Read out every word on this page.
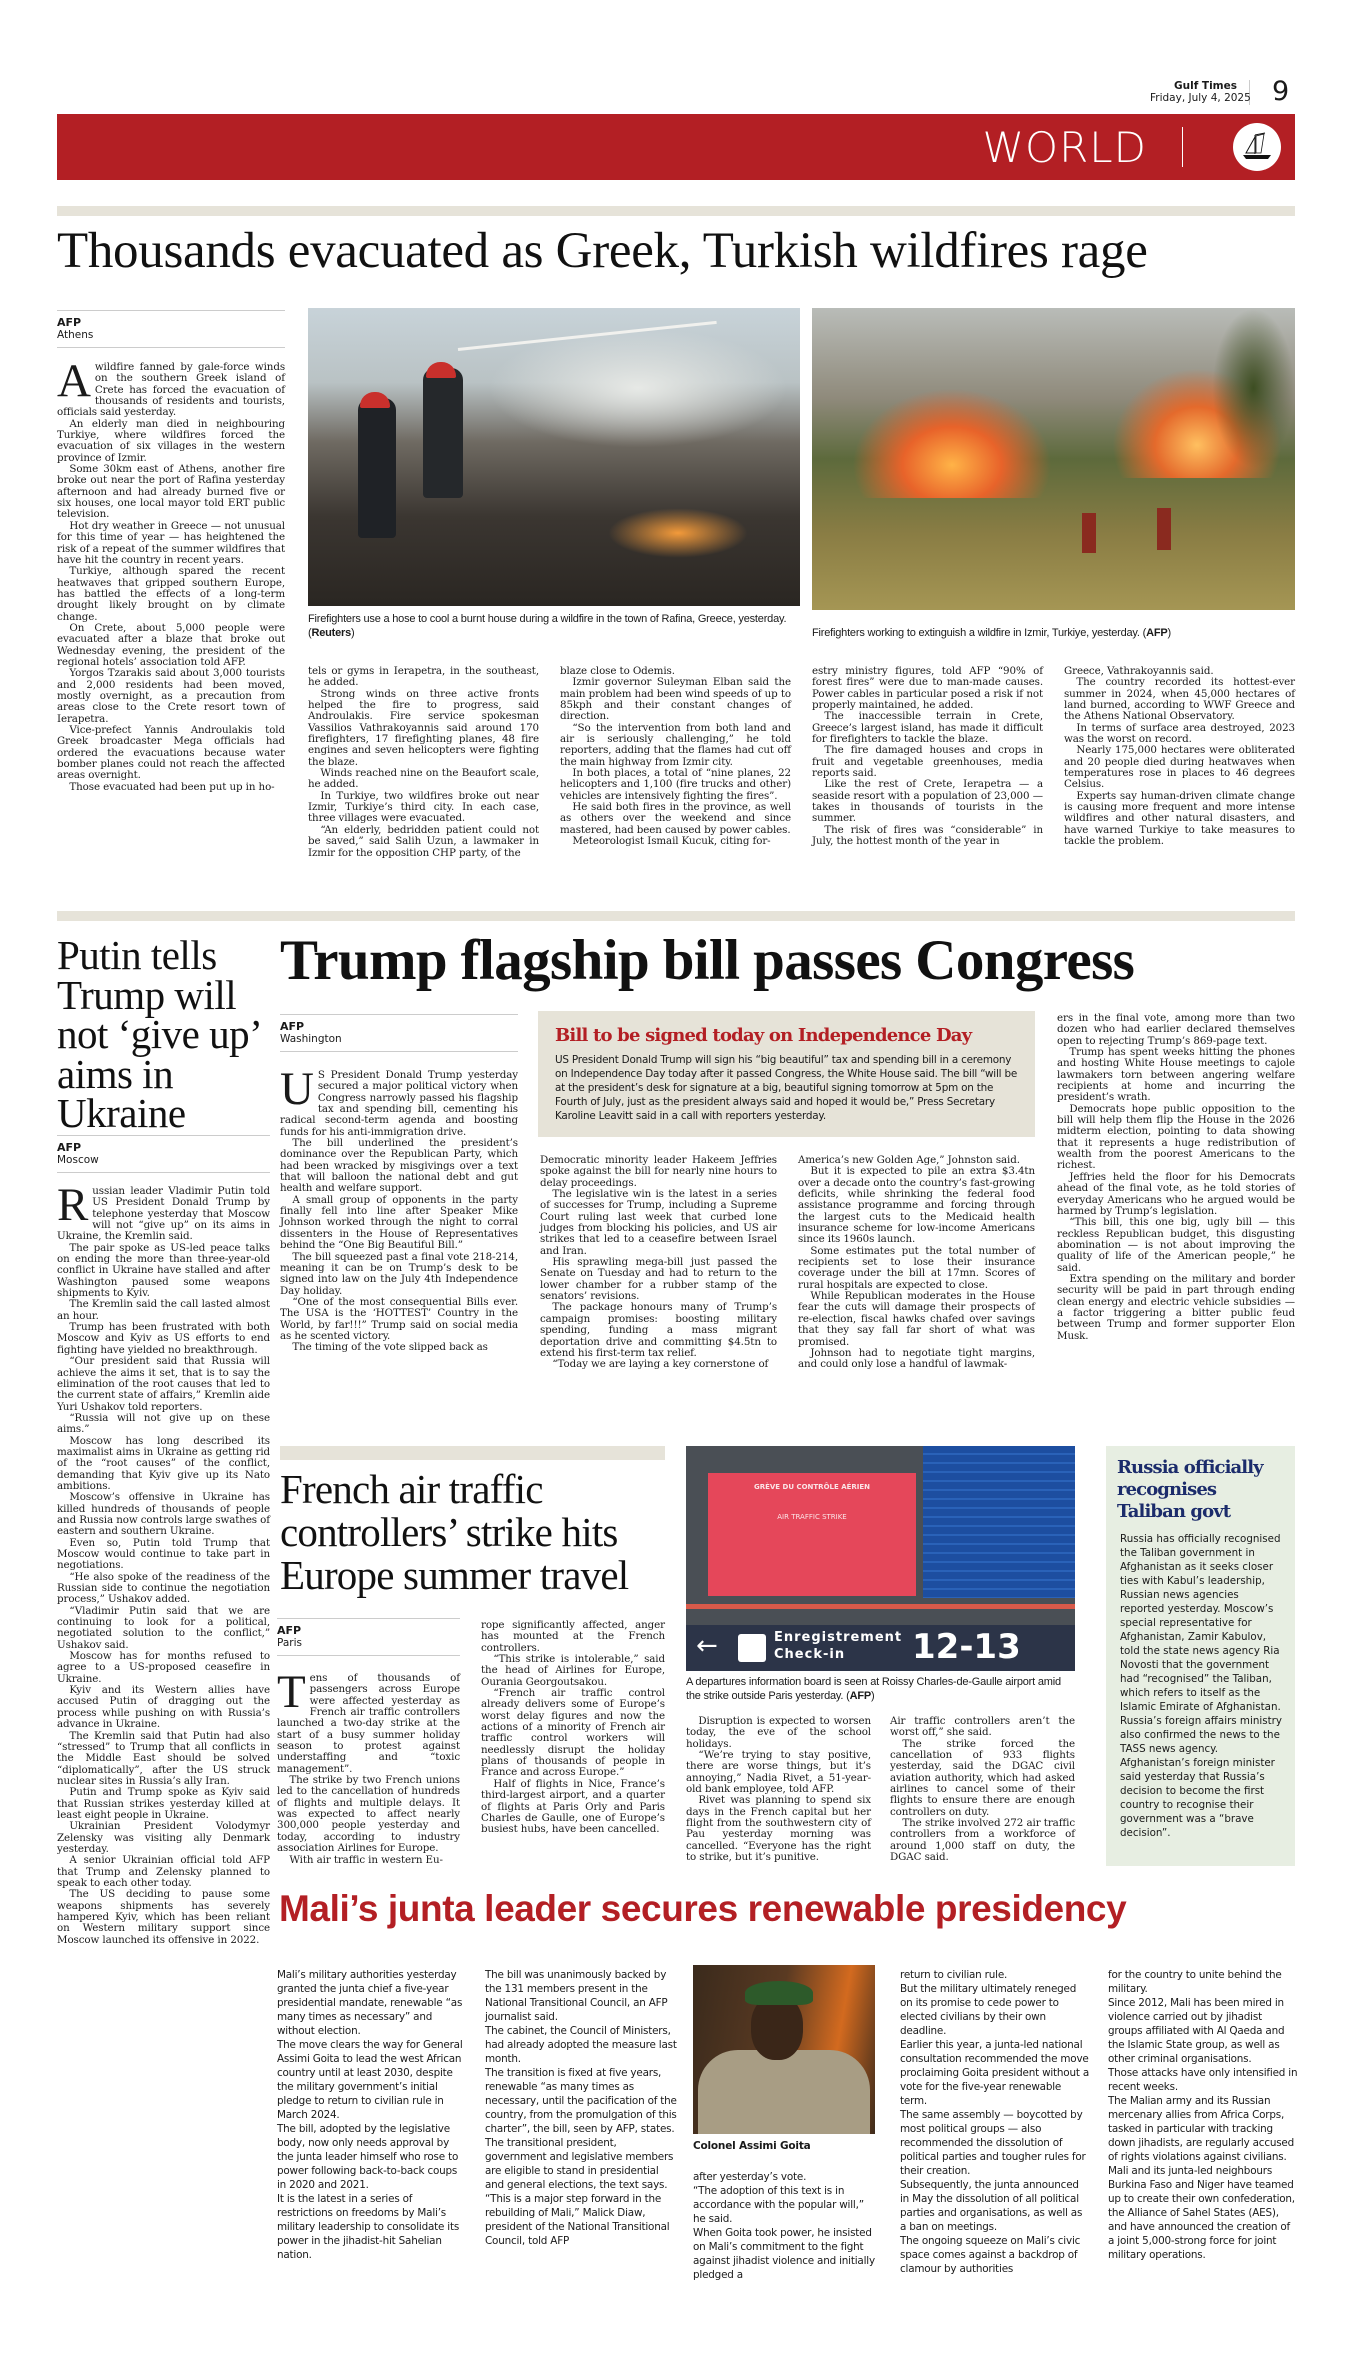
Gulf Times
Friday, July 4, 2025 9
WORLD
Thousands evacuated as Greek, Turkish wildfires rage
AFP
Athens

Awildfire fanned by gale-force winds on the southern Greek island of Crete has forced the evacuation of thousands of residents and tourists, officials said yesterday.

An elderly man died in neighbouring Turkiye, where wildfires forced the evacuation of six villages in the western province of Izmir.

Some 30km east of Athens, another fire broke out near the port of Rafina yesterday afternoon and had already burned five or six houses, one local mayor told ERT public television.

Hot dry weather in Greece — not unusual for this time of year — has heightened the risk of a repeat of the summer wildfires that have hit the country in recent years.

Turkiye, although spared the recent heatwaves that gripped southern Europe, has battled the effects of a long-term drought likely brought on by climate change.

On Crete, about 5,000 people were evacuated after a blaze that broke out Wednesday evening, the president of the regional hotels’ association told AFP.

Yorgos Tzarakis said about 3,000 tourists and 2,000 residents had been moved, mostly overnight, as a precaution from areas close to the Crete resort town of Ierapetra.

Vice-prefect Yannis Androulakis told Greek broadcaster Mega officials had ordered the evacuations because water bomber planes could not reach the affected areas overnight.

Those evacuated had been put up in ho-

Firefighters use a hose to cool a burnt house during a wildfire in the town of Rafina, Greece, yesterday. (Reuters)	Firefighters working to extinguish a wildfire in Izmir, Turkiye, yesterday. (AFP)

tels or gyms in Ierapetra, in the southeast, he added.

Strong winds on three active fronts helped the fire to progress, said Androulakis. Fire service spokesman Vassilios Vathrakoyannis said around 170 firefighters, 17 firefighting planes, 48 fire engines and seven helicopters were fighting the blaze.

Winds reached nine on the Beaufort scale, he added.

In Turkiye, two wildfires broke out near Izmir, Turkiye’s third city. In each case, three villages were evacuated.

“An elderly, bedridden patient could not be saved,” said Salih Uzun, a lawmaker in Izmir for the opposition CHP party, of the

blaze close to Odemis.

Izmir governor Suleyman Elban said the main problem had been wind speeds of up to 85kph and their constant changes of direction.

“So the intervention from both land and air is seriously challenging,” he told reporters, adding that the flames had cut off the main highway from Izmir city.

In both places, a total of “nine planes, 22 helicopters and 1,100 (fire trucks and other) vehicles are intensively fighting the fires”.

He said both fires in the province, as well as others over the weekend and since mastered, had been caused by power cables.

Meteorologist Ismail Kucuk, citing for-

estry ministry figures, told AFP “90% of forest fires” were due to man-made causes. Power cables in particular posed a risk if not properly maintained, he added.

The inaccessible terrain in Crete, Greece’s largest island, has made it difficult for firefighters to tackle the blaze.

The fire damaged houses and crops in fruit and vegetable greenhouses, media reports said.

Like the rest of Crete, Ierapetra — a seaside resort with a population of 23,000 — takes in thousands of tourists in the summer.

The risk of fires was “considerable” in July, the hottest month of the year in

Greece, Vathrakoyannis said.

The country recorded its hottest-ever summer in 2024, when 45,000 hectares of land burned, according to WWF Greece and the Athens National Observatory.

In terms of surface area destroyed, 2023 was the worst on record.

Nearly 175,000 hectares were obliterated and 20 people died during heatwaves when temperatures rose in places to 46 degrees Celsius.

Experts say human-driven climate change is causing more frequent and more intense wildfires and other natural disasters, and have warned Turkiye to take measures to tackle the problem.

Putin tells Trump will not ‘give up’ aims in Ukraine
AFP
Moscow

Russian leader Vladimir Putin told US President Donald Trump by telephone yesterday that Moscow will not “give up” on its aims in Ukraine, the Kremlin said.

The pair spoke as US-led peace talks on ending the more than three-year-old conflict in Ukraine have stalled and after Washington paused some weapons shipments to Kyiv.

The Kremlin said the call lasted almost an hour.

Trump has been frustrated with both Moscow and Kyiv as US efforts to end fighting have yielded no breakthrough.

“Our president said that Russia will achieve the aims it set, that is to say the elimination of the root causes that led to the current state of affairs,” Kremlin aide Yuri Ushakov told reporters.

“Russia will not give up on these aims.”

Moscow has long described its maximalist aims in Ukraine as getting rid of the “root causes” of the conflict, demanding that Kyiv give up its Nato ambitions.

Moscow’s offensive in Ukraine has killed hundreds of thousands of people and Russia now controls large swathes of eastern and southern Ukraine.

Even so, Putin told Trump that Moscow would continue to take part in negotiations.

“He also spoke of the readiness of the Russian side to continue the negotiation process,” Ushakov added.

“Vladimir Putin said that we are continuing to look for a political, negotiated solution to the conflict,” Ushakov said.

Moscow has for months refused to agree to a US-proposed ceasefire in Ukraine.

Kyiv and its Western allies have accused Putin of dragging out the process while pushing on with Russia’s advance in Ukraine.

The Kremlin said that Putin had also “stressed” to Trump that all conflicts in the Middle East should be solved “diplomatically”, after the US struck nuclear sites in Russia’s ally Iran.

Putin and Trump spoke as Kyiv said that Russian strikes yesterday killed at least eight people in Ukraine.

Ukrainian President Volodymyr Zelensky was visiting ally Denmark yesterday.

A senior Ukrainian official told AFP that Trump and Zelensky planned to speak to each other today.

The US deciding to pause some weapons shipments has severely hampered Kyiv, which has been reliant on Western military support since Moscow launched its offensive in 2022.

Trump flagship bill passes Congress
AFP
Washington

US President Donald Trump yesterday secured a major political victory when Congress narrowly passed his flagship tax and spending bill, cementing his radical second-term agenda and boosting funds for his anti-immigration drive.

The bill underlined the president’s dominance over the Republican Party, which had been wracked by misgivings over a text that will balloon the national debt and gut health and welfare support.

A small group of opponents in the party finally fell into line after Speaker Mike Johnson worked through the night to corral dissenters in the House of Representatives behind the “One Big Beautiful Bill.”

The bill squeezed past a final vote 218-214, meaning it can be on Trump’s desk to be signed into law on the July 4th Independence Day holiday.

“One of the most consequential Bills ever. The USA is the ‘HOTTEST’ Country in the World, by far!!!” Trump said on social media as he scented victory.

The timing of the vote slipped back as

Bill to be signed today on Independence Day
US President Donald Trump will sign his “big beautiful” tax and spending bill in a ceremony on Independence Day today after it passed Congress, the White House said. The bill “will be at the president’s desk for signature at a big, beautiful signing tomorrow at 5pm on the Fourth of July, just as the president always said and hoped it would be,” Press Secretary Karoline Leavitt said in a call with reporters yesterday.

Democratic minority leader Hakeem Jeffries spoke against the bill for nearly nine hours to delay proceedings.

The legislative win is the latest in a series of successes for Trump, including a Supreme Court ruling last week that curbed lone judges from blocking his policies, and US air strikes that led to a ceasefire between Israel and Iran.

His sprawling mega-bill just passed the Senate on Tuesday and had to return to the lower chamber for a rubber stamp of the senators’ revisions.

The package honours many of Trump’s campaign promises: boosting military spending, funding a mass migrant deportation drive and committing $4.5tn to extend his first-term tax relief.

“Today we are laying a key cornerstone of

America’s new Golden Age,” Johnston said.

But it is expected to pile an extra $3.4tn over a decade onto the country’s fast-growing deficits, while shrinking the federal food assistance programme and forcing through the largest cuts to the Medicaid health insurance scheme for low-income Americans since its 1960s launch.

Some estimates put the total number of recipients set to lose their insurance coverage under the bill at 17mn. Scores of rural hospitals are expected to close.

While Republican moderates in the House fear the cuts will damage their prospects of re-election, fiscal hawks chafed over savings that they say fall far short of what was promised.

Johnson had to negotiate tight margins, and could only lose a handful of lawmak-

ers in the final vote, among more than two dozen who had earlier declared themselves open to rejecting Trump’s 869-page text.

Trump has spent weeks hitting the phones and hosting White House meetings to cajole lawmakers torn between angering welfare recipients at home and incurring the president’s wrath.

Democrats hope public opposition to the bill will help them flip the House in the 2026 midterm election, pointing to data showing that it represents a huge redistribution of wealth from the poorest Americans to the richest.

Jeffries held the floor for his Democrats ahead of the final vote, as he told stories of everyday Americans who he argued would be harmed by Trump’s legislation.

“This bill, this one big, ugly bill — this reckless Republican budget, this disgusting abomination — is not about improving the quality of life of the American people,” he said.

Extra spending on the military and border security will be paid in part through ending clean energy and electric vehicle subsidies — a factor triggering a bitter public feud between Trump and former supporter Elon Musk.

French air traffic
controllers’ strike hits
Europe summer travel
AFP
Paris

Tens of thousands of passengers across Europe were affected yesterday as French air traffic controllers launched a two-day strike at the start of a busy summer holiday season to protest against understaffing and “toxic management”.

The strike by two French unions led to the cancellation of hundreds of flights and multiple delays. It was expected to affect nearly 300,000 people yesterday and today, according to industry association Airlines for Europe.

With air traffic in western Eu-

rope significantly affected, anger has mounted at the French controllers.

“This strike is intolerable,” said the head of Airlines for Europe, Ourania Georgoutsakou.

“French air traffic control already delivers some of Europe’s worst delay figures and now the actions of a minority of French air traffic control workers will needlessly disrupt the holiday plans of thousands of people in France and across Europe.”

Half of flights in Nice, France’s third-largest airport, and a quarter of flights at Paris Orly and Paris Charles de Gaulle, one of Europe’s busiest hubs, have been cancelled.

GRÈVE DU CONTRÔLE AÉRIEN
AIR TRAFFIC STRIKE
←	Enregistrement
Check-in 12-13
A departures information board is seen at Roissy Charles-de-Gaulle airport amid the strike outside Paris yesterday. (AFP)

Disruption is expected to worsen today, the eve of the school holidays.

“We’re trying to stay positive, there are worse things, but it’s annoying,” Nadia Rivet, a 51-year-old bank employee, told AFP.

Rivet was planning to spend six days in the French capital but her flight from the southwestern city of Pau yesterday morning was cancelled. “Everyone has the right to strike, but it’s punitive.

Air traffic controllers aren’t the worst off,” she said.

The strike forced the cancellation of 933 flights yesterday, said the DGAC civil aviation authority, which had asked airlines to cancel some of their flights to ensure there are enough controllers on duty.

The strike involved 272 air traffic controllers from a workforce of around 1,000 staff on duty, the DGAC said.

Russia officially recognises Taliban govt

Russia has officially recognised the Taliban government in Afghanistan as it seeks closer ties with Kabul’s leadership, Russian news agencies reported yesterday. Moscow’s special representative for Afghanistan, Zamir Kabulov, told the state news agency Ria Novosti that the government had “recognised” the Taliban, which refers to itself as the Islamic Emirate of Afghanistan.

Russia’s foreign affairs ministry also confirmed the news to the TASS news agency. Afghanistan’s foreign minister said yesterday that Russia’s decision to become the first country to recognise their government was a “brave decision”.

Mali’s junta leader secures renewable presidency

Mali’s military authorities yesterday granted the junta chief a five-year presidential mandate, renewable “as many times as necessary” and without election.

The move clears the way for General Assimi Goita to lead the west African country until at least 2030, despite the military government’s initial pledge to return to civilian rule in March 2024.

The bill, adopted by the legislative body, now only needs approval by the junta leader himself who rose to power following back-to-back coups in 2020 and 2021.

It is the latest in a series of restrictions on freedoms by Mali’s military leadership to consolidate its power in the jihadist-hit Sahelian nation.

The bill was unanimously backed by the 131 members present in the National Transitional Council, an AFP journalist said.

The cabinet, the Council of Ministers, had already adopted the measure last month.

The transition is fixed at five years, renewable “as many times as necessary, until the pacification of the country, from the promulgation of this charter”, the bill, seen by AFP, states.

The transitional president, government and legislative members are eligible to stand in presidential and general elections, the text says.

“This is a major step forward in the rebuilding of Mali,” Malick Diaw, president of the National Transitional Council, told AFP

Colonel Assimi Goita

after yesterday’s vote.

“The adoption of this text is in accordance with the popular will,” he said.

When Goita took power, he insisted on Mali’s commitment to the fight against jihadist violence and initially pledged a

return to civilian rule.

But the military ultimately reneged on its promise to cede power to elected civilians by their own deadline.

Earlier this year, a junta-led national consultation recommended the move proclaiming Goita president without a vote for the five-year renewable term.

The same assembly — boycotted by most political groups — also recommended the dissolution of political parties and tougher rules for their creation.

Subsequently, the junta announced in May the dissolution of all political parties and organisations, as well as a ban on meetings.

The ongoing squeeze on Mali’s civic space comes against a backdrop of clamour by authorities

for the country to unite behind the military.

Since 2012, Mali has been mired in violence carried out by jihadist groups affiliated with Al Qaeda and the Islamic State group, as well as other criminal organisations.

Those attacks have only intensified in recent weeks.

The Malian army and its Russian mercenary allies from Africa Corps, tasked in particular with tracking down jihadists, are regularly accused of rights violations against civilians.

Mali and its junta-led neighbours Burkina Faso and Niger have teamed up to create their own confederation, the Alliance of Sahel States (AES), and have announced the creation of a joint 5,000-strong force for joint military operations.
